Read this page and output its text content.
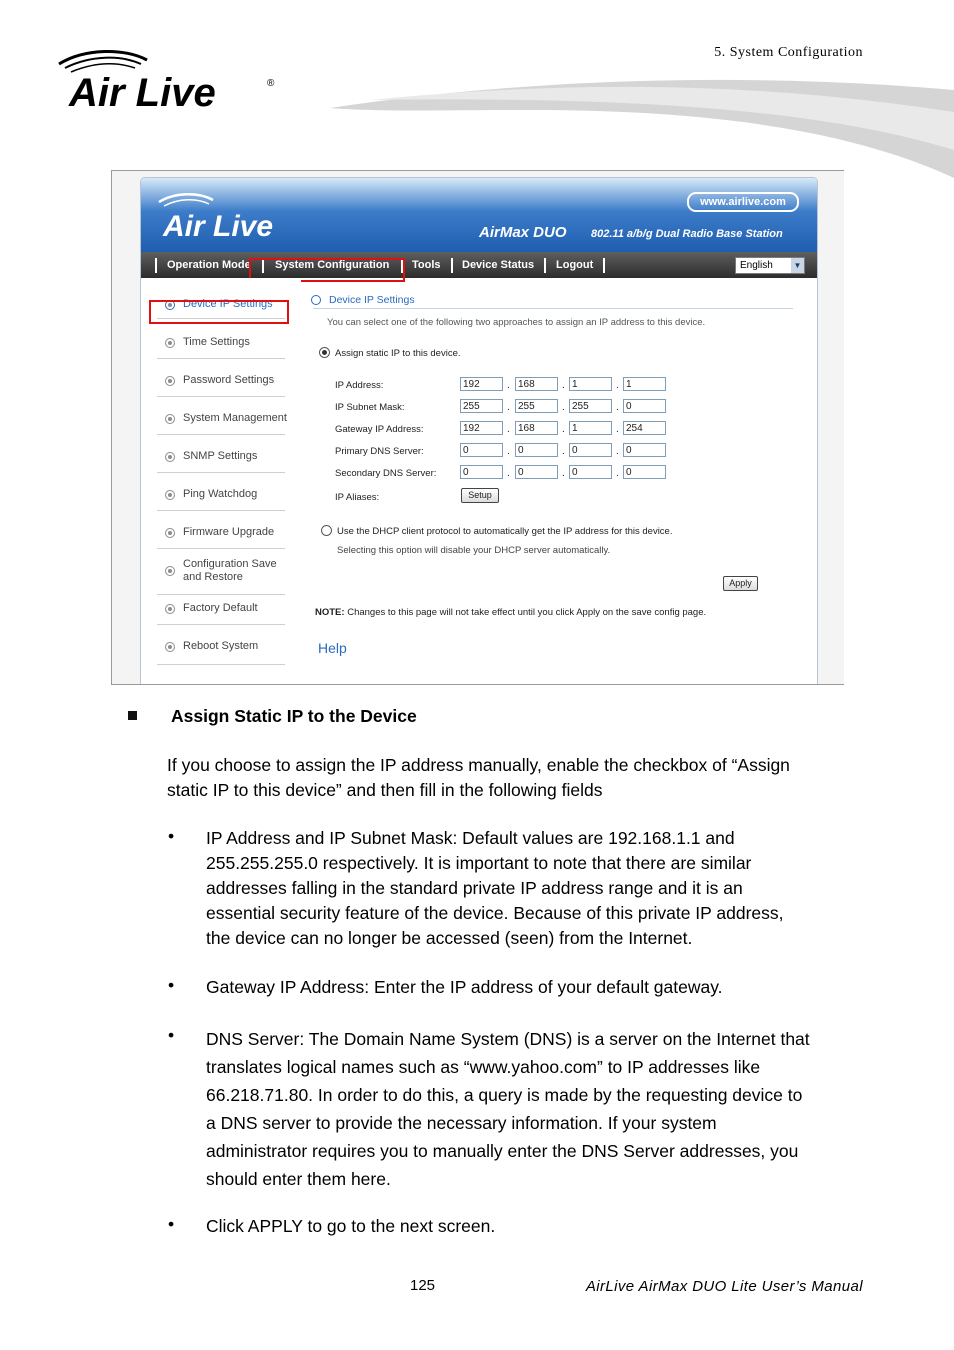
5. System Configuration
Air Live	®
Air Live
www.airlive.com
AirMax DUO 802.11 a/b/g Dual Radio Base Station
Operation Mode System Configuration Tools Device Status Logout	English	▼
Device IP Settings
Time Settings
Password Settings
System Management
SNMP Settings
Ping Watchdog
Firmware Upgrade
Configuration Save
and Restore
Factory Default
Reboot System
Device IP Settings
You can select one of the following two approaches to assign an IP address to this device.
Assign static IP to this device.
IP Address:	192	. 168	. 1	. 1
IP Subnet Mask:	255	. 255	. 255	. 0
Gateway IP Address:	192	. 168	. 1	. 254
Primary DNS Server:	0	. 0	. 0	. 0
Secondary DNS Server:	0	. 0	. 0	. 0
IP Aliases:	Setup
Use the DHCP client protocol to automatically get the IP address for this device.
Selecting this option will disable your DHCP server automatically.
Apply
NOTE: Changes to this page will not take effect until you click Apply on the save config page.
Help
Assign Static IP to the Device
If you choose to assign the IP address manually, enable the checkbox of “Assign
static IP to this device” and then fill in the following fields
• IP Address and IP Subnet Mask: Default values are 192.168.1.1 and
255.255.255.0 respectively. It is important to note that there are similar
addresses falling in the standard private IP address range and it is an
essential security feature of the device. Because of this private IP address,
the device can no longer be accessed (seen) from the Internet.
• Gateway IP Address: Enter the IP address of your default gateway.
• DNS Server: The Domain Name System (DNS) is a server on the Internet that
translates logical names such as “www.yahoo.com” to IP addresses like
66.218.71.80. In order to do this, a query is made by the requesting device to
a DNS server to provide the necessary information. If your system
administrator requires you to manually enter the DNS Server addresses, you
should enter them here.
• Click APPLY to go to the next screen.
125	AirLive AirMax DUO Lite User’s Manual
